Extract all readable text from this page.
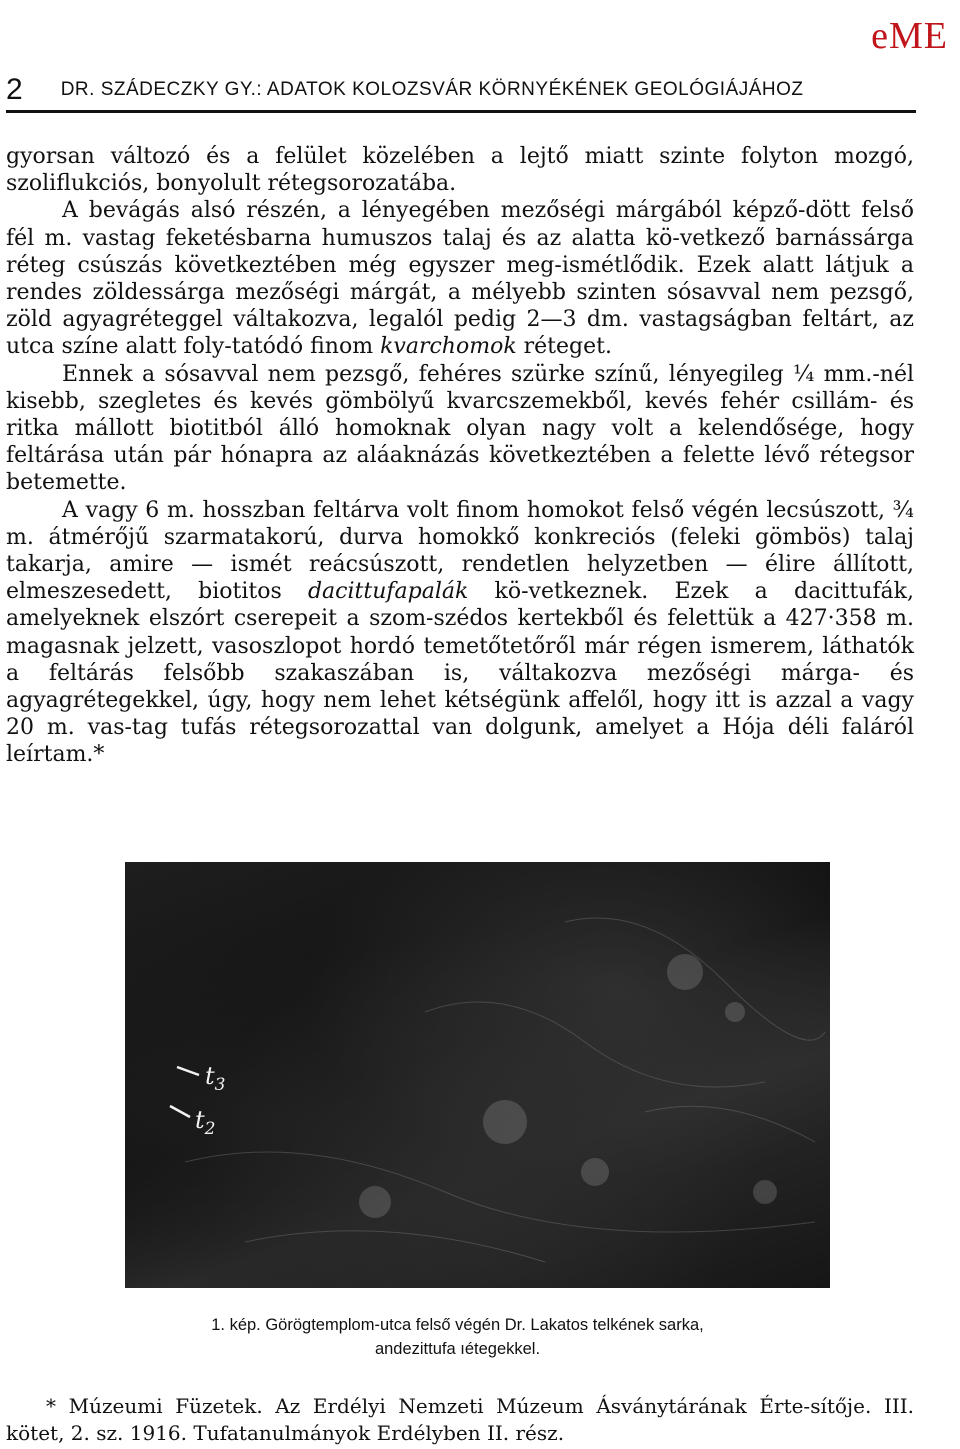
eME
2 DR. SZÁDECZKY GY.: ADATOK KOLOZSVÁR KÖRNYÉKÉNEK GEOLÓGIÁJÁHOZ

gyorsan változó és a felület közelében a lejtő miatt szinte folyton mozgó, szoliflukciós, bonyolult rétegsorozatába.

A bevágás alsó részén, a lényegében mezőségi márgából képző-dött felső fél m. vastag feketésbarna humuszos talaj és az alatta kö-vetkező barnássárga réteg csúszás következtében még egyszer meg-ismétlődik. Ezek alatt látjuk a rendes zöldessárga mezőségi márgát, a mélyebb szinten sósavval nem pezsgő, zöld agyagréteggel váltakozva, legalól pedig 2—3 dm. vastagságban feltárt, az utca színe alatt foly-tatódó finom kvarchomok réteget.

Ennek a sósavval nem pezsgő, fehéres szürke színű, lényegileg ¼ mm.-nél kisebb, szegletes és kevés gömbölyű kvarcszemekből, kevés fehér csillám- és ritka mállott biotitból álló homoknak olyan nagy volt a kelendősége, hogy feltárása után pár hónapra az aláaknázás következtében a felette lévő rétegsor betemette.

A vagy 6 m. hosszban feltárva volt finom homokot felső végén lecsúszott, ¾ m. átmérőjű szarmatakorú, durva homokkő konkreciós (feleki gömbös) talaj takarja, amire — ismét reácsúszott, rendetlen helyzetben — élire állított, elmeszesedett, biotitos dacittufapalák kö-vetkeznek. Ezek a dacittufák, amelyeknek elszórt cserepeit a szom-szédos kertekből és felettük a 427·358 m. magasnak jelzett, vasoszlopot hordó temetőtetőről már régen ismerem, láthatók a feltárás felsőbb szakaszában is, váltakozva mezőségi márga- és agyagrétegekkel, úgy, hogy nem lehet kétségünk affelől, hogy itt is azzal a vagy 20 m. vas-tag tufás rétegsorozattal van dolgunk, amelyet a Hója déli faláról leírtam.*

$t_3$
$t_2$
1. kép. Görögtemplom-utca felső végén Dr. Lakatos telkének sarka,
andezittufa ıétegekkel.
* Múzeumi Füzetek. Az Erdélyi Nemzeti Múzeum Ásványtárának Érte-sítője. III. kötet, 2. sz. 1916. Tufatanulmányok Erdélyben II. rész.
